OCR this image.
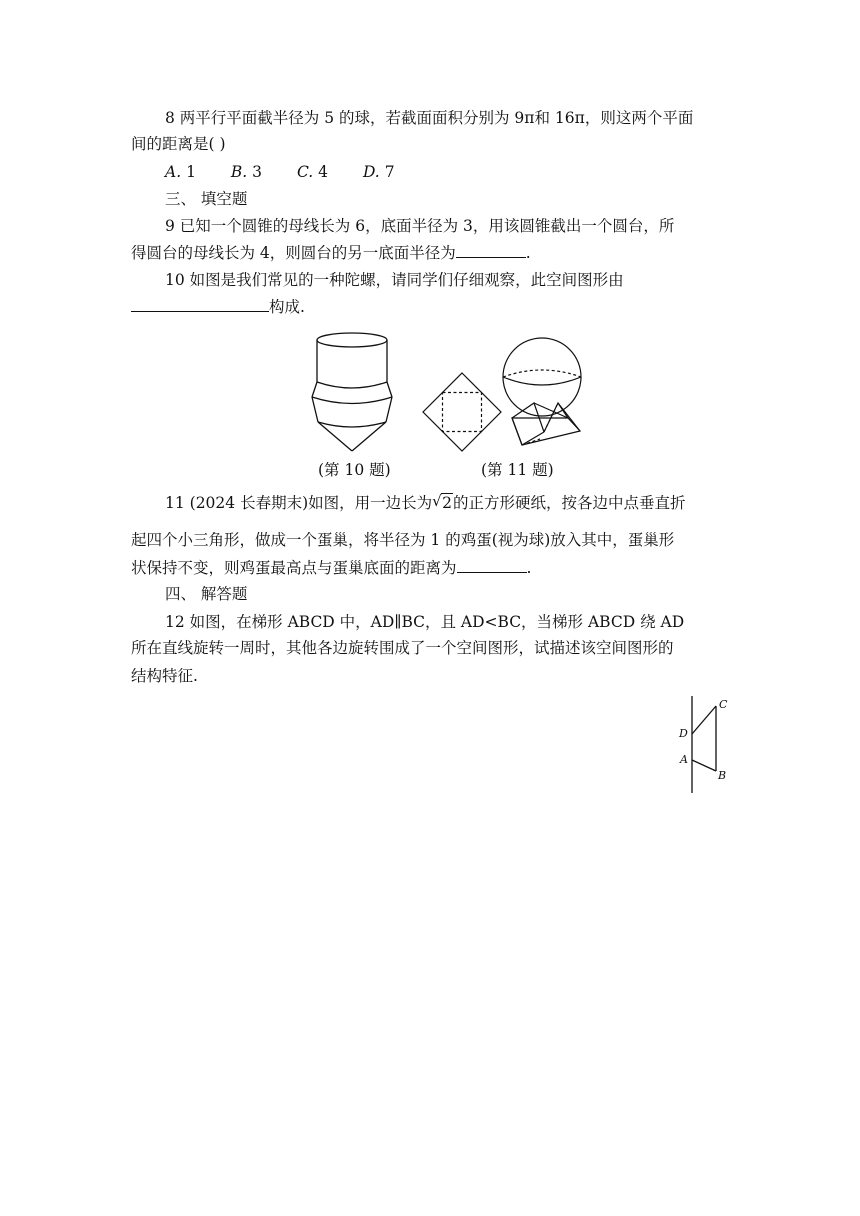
8 两平行平面截半径为 5 的球，若截面面积分别为 9π和 16π，则这两个平面
间的距离是( )
A. 1 B. 3 C. 4 D. 7
三、 填空题
9 已知一个圆锥的母线长为 6，底面半径为 3，用该圆锥截出一个圆台，所
得圆台的母线长为 4，则圆台的另一底面半径为	.
10 如图是我们常见的一种陀螺，请同学们仔细观察，此空间图形由
构成.
(第 10 题)	(第 11 题)
11 (2024 长春期末)如图，用一边长为 √ 2的正方形硬纸，按各边中点垂直折
起四个小三角形，做成一个蛋巢，将半径为 1 的鸡蛋(视为球)放入其中，蛋巢形
状保持不变，则鸡蛋最高点与蛋巢底面的距离为	.
四、 解答题
12 如图，在梯形 ABCD 中，AD∥BC，且 AD<BC，当梯形 ABCD 绕 AD
所在直线旋转一周时，其他各边旋转围成了一个空间图形，试描述该空间图形的
结构特征.
C
D
A
B
